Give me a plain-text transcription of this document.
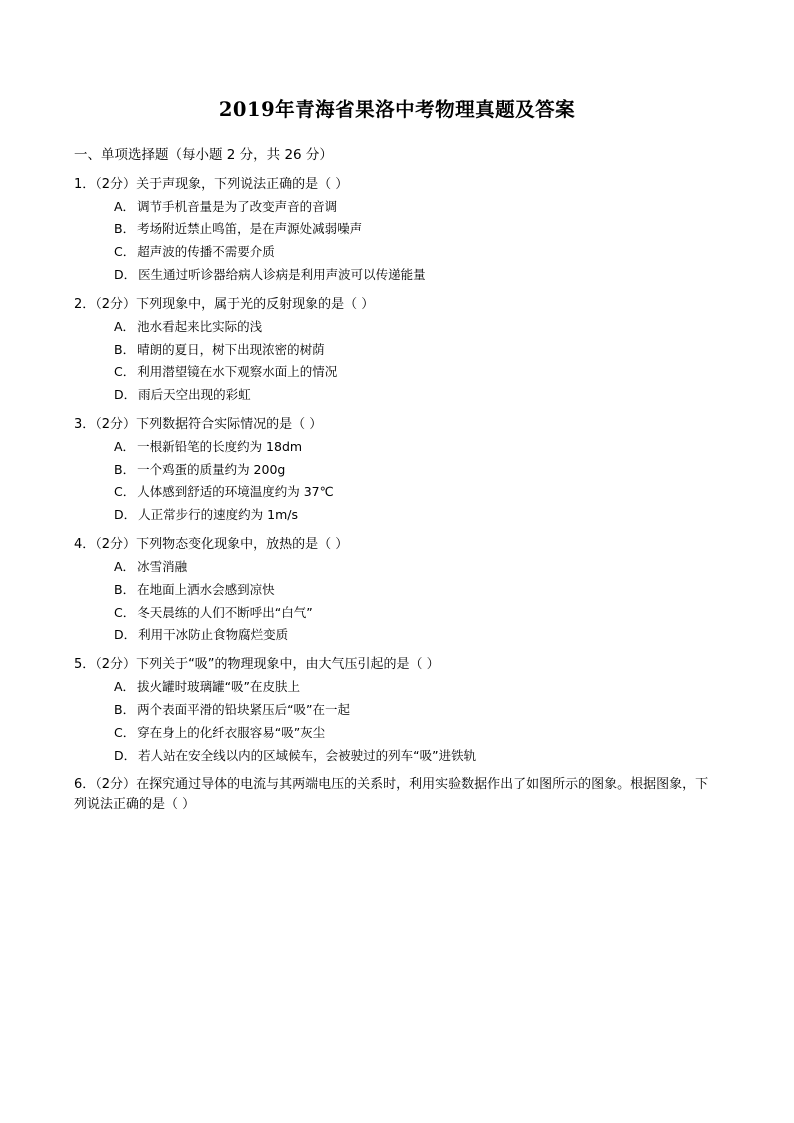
2019年青海省果洛中考物理真题及答案
一、单项选择题（每小题 2 分，共 26 分）
1．（2分）关于声现象，下列说法正确的是（ ）
A． 调节手机音量是为了改变声音的音调
B． 考场附近禁止鸣笛，是在声源处减弱噪声
C． 超声波的传播不需要介质
D． 医生通过听诊器给病人诊病是利用声波可以传递能量
2．（2分）下列现象中，属于光的反射现象的是（ ）
A． 池水看起来比实际的浅
B． 晴朗的夏日，树下出现浓密的树荫
C． 利用潜望镜在水下观察水面上的情况
D． 雨后天空出现的彩虹
3．（2分）下列数据符合实际情况的是（ ）
A． 一根新铅笔的长度约为 18dm
B． 一个鸡蛋的质量约为 200g
C． 人体感到舒适的环境温度约为 37℃
D． 人正常步行的速度约为 1m/s
4．（2分）下列物态变化现象中，放热的是（ ）
A． 冰雪消融
B． 在地面上洒水会感到凉快
C． 冬天晨练的人们不断呼出“白气”
D． 利用干冰防止食物腐烂变质
5．（2分）下列关于“吸”的物理现象中，由大气压引起的是（ ）
A． 拔火罐时玻璃罐“吸”在皮肤上
B． 两个表面平滑的铅块紧压后“吸”在一起
C． 穿在身上的化纤衣服容易“吸”灰尘
D． 若人站在安全线以内的区域候车，会被驶过的列车“吸”进铁轨
6．（2分）在探究通过导体的电流与其两端电压的关系时，利用实验数据作出了如图所示的图象。根据图象，下列说法正确的是（ ）
